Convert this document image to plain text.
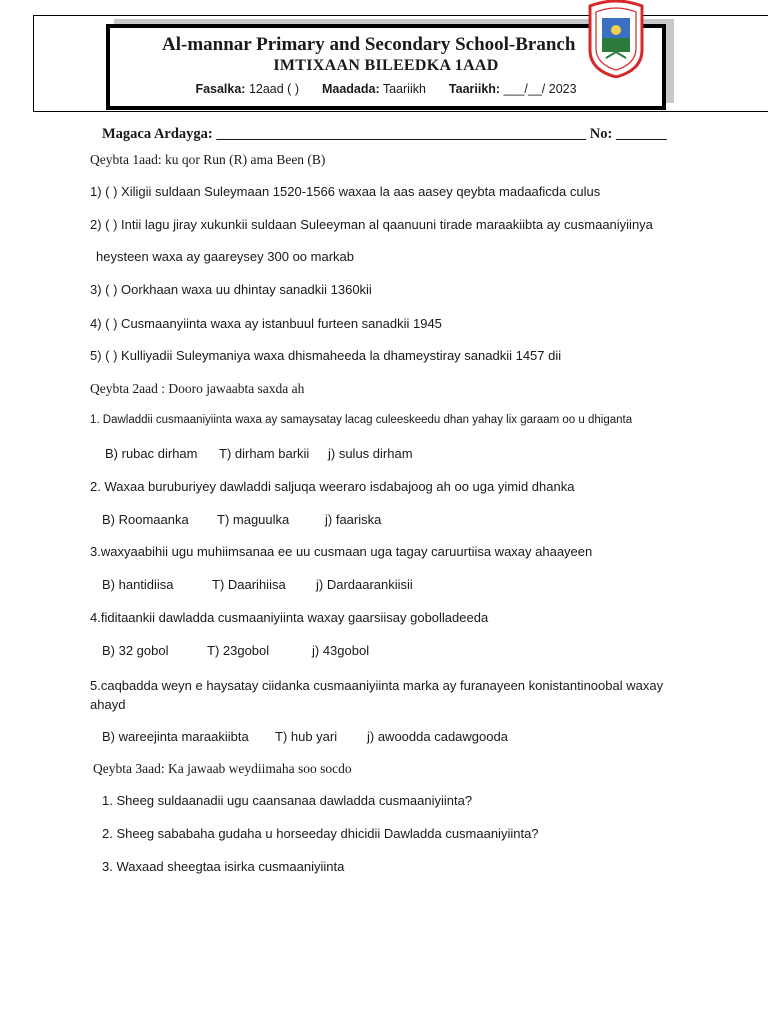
Al-mannar Primary and Secondary School-Branch
IMTIXAAN BILEEDKA 1AAD
Fasalka: 12aad ( ) Maadada: Taariikh Taariikh: ___/__/ 2023
Magaca Ardayga: ___________________________________________________ No: _______
Qeybta 1aad: ku qor Run (R) ama Been (B)
1) ( ) Xiligii suldaan Suleymaan 1520-1566 waxaa la aas aasey qeybta madaaficda culus
2) ( ) Intii lagu jiray xukunkii suldaan Suleeyman al qaanuuni tirade maraakiibta ay cusmaaniyiinya
heysteen waxa ay gaareysey 300 oo markab
3) ( ) Oorkhaan waxa uu dhintay sanadkii 1360kii
4) ( ) Cusmaanyiinta waxa ay istanbuul furteen sanadkii 1945
5) ( ) Kulliyadii Suleymaniya waxa dhismaheeda la dhameystiray sanadkii 1457 dii
Qeybta 2aad : Dooro jawaabta saxda ah
1. Dawladdii cusmaaniyiinta waxa ay samaysatay lacag culeeskeedu dhan yahay lix garaam oo u dhiganta
B) rubac dirham T) dirham barkii j) sulus dirham
2. Waxaa buruburiyey dawladdi saljuqa weeraro isdabajoog ah oo uga yimid dhanka
B) Roomaanka T) maguulka	j) faariska
3.waxyaabihii ugu muhiimsanaa ee uu cusmaan uga tagay caruurtiisa waxay ahaayeen
B) hantidiisa	T) Daarihiisa j) Dardaarankiisii
4.fiditaankii dawladda cusmaaniyiinta waxay gaarsiisay gobolladeeda
B) 32 gobol	T) 23gobol	j) 43gobol
5.caqbadda weyn e haysatay ciidanka cusmaaniyiinta marka ay furanayeen konistantinoobal waxay ahayd
B) wareejinta maraakiibta T) hub yari j) awoodda cadawgooda
Qeybta 3aad: Ka jawaab weydiimaha soo socdo
1. Sheeg suldaanadii ugu caansanaa dawladda cusmaaniyiinta?
2. Sheeg sababaha gudaha u horseeday dhicidii Dawladda cusmaaniyiinta?
3. Waxaad sheegtaa isirka cusmaaniyiinta
